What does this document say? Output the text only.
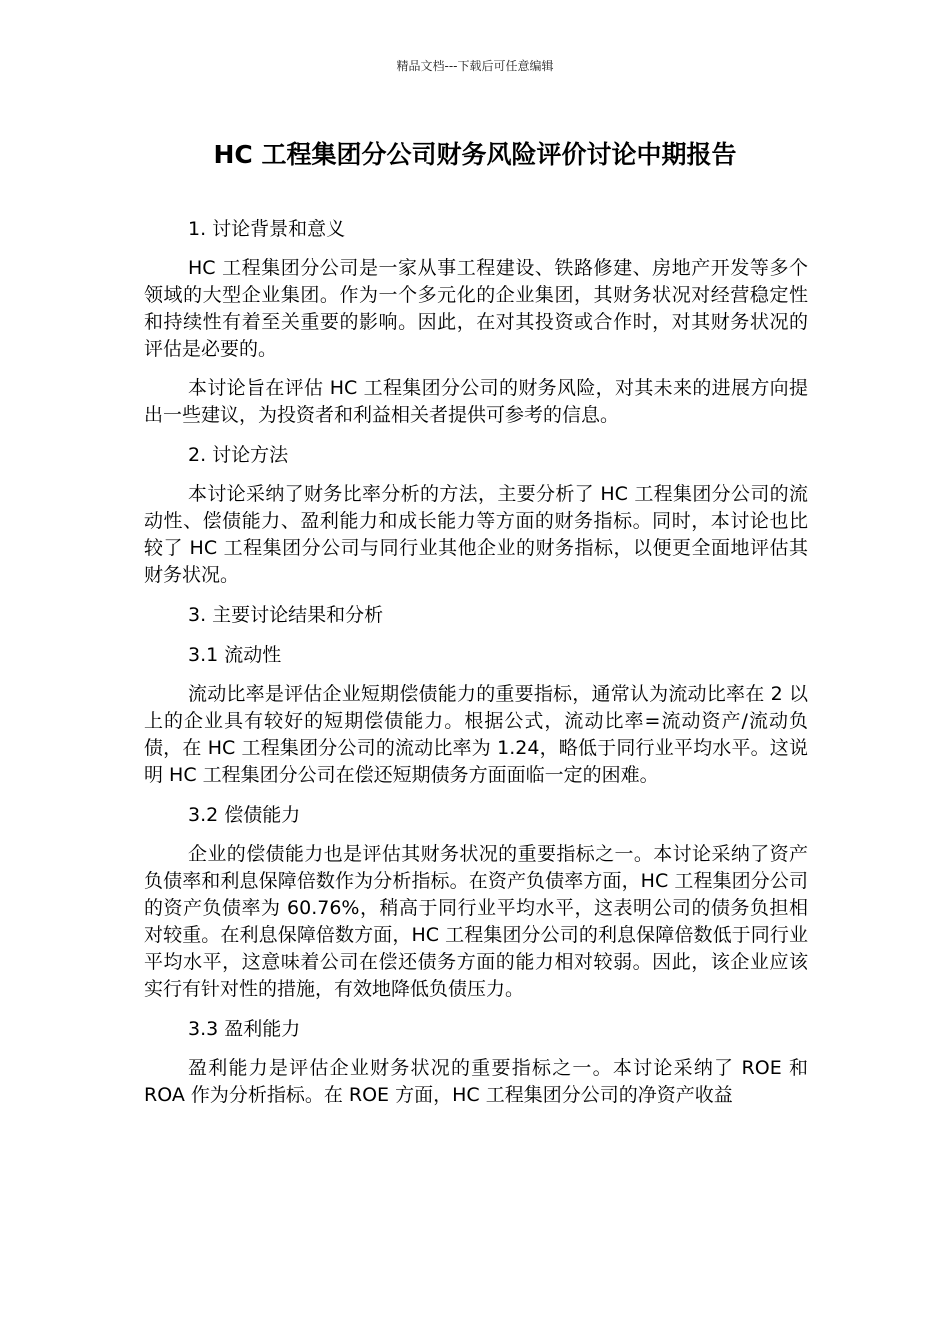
精品文档---下载后可任意编辑
HC 工程集团分公司财务风险评价讨论中期报告

1. 讨论背景和意义

HC 工程集团分公司是一家从事工程建设、铁路修建、房地产开发等多个领域的大型企业集团。作为一个多元化的企业集团，其财务状况对经营稳定性和持续性有着至关重要的影响。因此，在对其投资或合作时，对其财务状况的评估是必要的。

本讨论旨在评估 HC 工程集团分公司的财务风险，对其未来的进展方向提出一些建议，为投资者和利益相关者提供可参考的信息。

2. 讨论方法

本讨论采纳了财务比率分析的方法，主要分析了 HC 工程集团分公司的流动性、偿债能力、盈利能力和成长能力等方面的财务指标。同时，本讨论也比较了 HC 工程集团分公司与同行业其他企业的财务指标，以便更全面地评估其财务状况。

3. 主要讨论结果和分析

3.1 流动性

流动比率是评估企业短期偿债能力的重要指标，通常认为流动比率在 2 以上的企业具有较好的短期偿债能力。根据公式，流动比率=流动资产/流动负债，在 HC 工程集团分公司的流动比率为 1.24，略低于同行业平均水平。这说明 HC 工程集团分公司在偿还短期债务方面面临一定的困难。

3.2 偿债能力

企业的偿债能力也是评估其财务状况的重要指标之一。本讨论采纳了资产负债率和利息保障倍数作为分析指标。在资产负债率方面，HC 工程集团分公司的资产负债率为 60.76%，稍高于同行业平均水平，这表明公司的债务负担相对较重。在利息保障倍数方面，HC 工程集团分公司的利息保障倍数低于同行业平均水平，这意味着公司在偿还债务方面的能力相对较弱。因此，该企业应该实行有针对性的措施，有效地降低负债压力。

3.3 盈利能力

盈利能力是评估企业财务状况的重要指标之一。本讨论采纳了 ROE 和 ROA 作为分析指标。在 ROE 方面，HC 工程集团分公司的净资产收益
